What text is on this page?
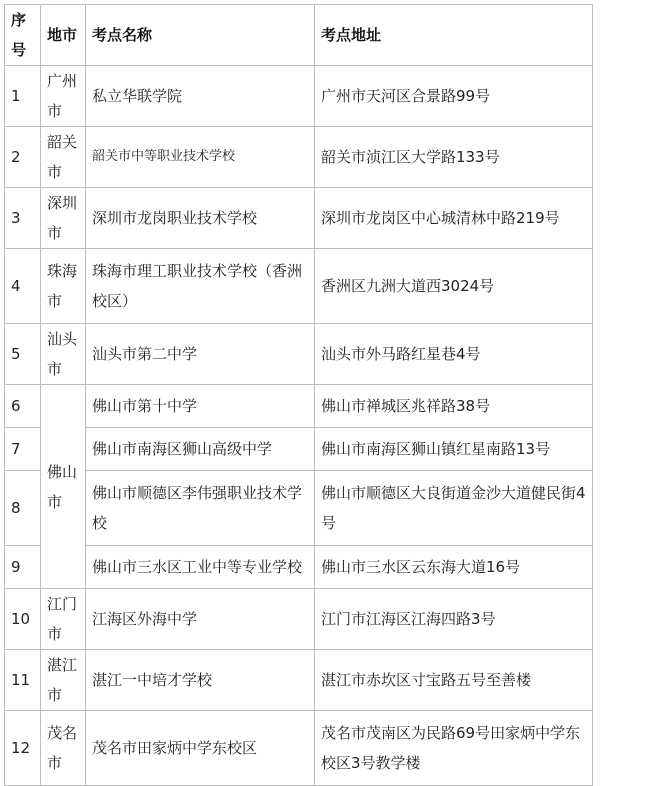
序号	地市	考点名称	考点地址
1	广州市	私立华联学院	广州市天河区合景路99号
2	韶关市	韶关市中等职业技术学校	韶关市浈江区大学路133号
3	深圳市	深圳市龙岗职业技术学校	深圳市龙岗区中心城清林中路219号
4	珠海市	珠海市理工职业技术学校（香洲校区）	香洲区九洲大道西3024号
5	汕头市	汕头市第二中学	汕头市外马路红星巷4号
6	佛山市	佛山市第十中学	佛山市禅城区兆祥路38号
7		佛山市南海区狮山高级中学	佛山市南海区狮山镇红星南路13号
8		佛山市顺德区李伟强职业技术学校	佛山市顺德区大良街道金沙大道健民街4号
9		佛山市三水区工业中等专业学校	佛山市三水区云东海大道16号
10	江门市	江海区外海中学	江门市江海区江海四路3号
11	湛江市	湛江一中培才学校	湛江市赤坎区寸宝路五号至善楼
12	茂名市	茂名市田家炳中学东校区	茂名市茂南区为民路69号田家炳中学东校区3号教学楼
